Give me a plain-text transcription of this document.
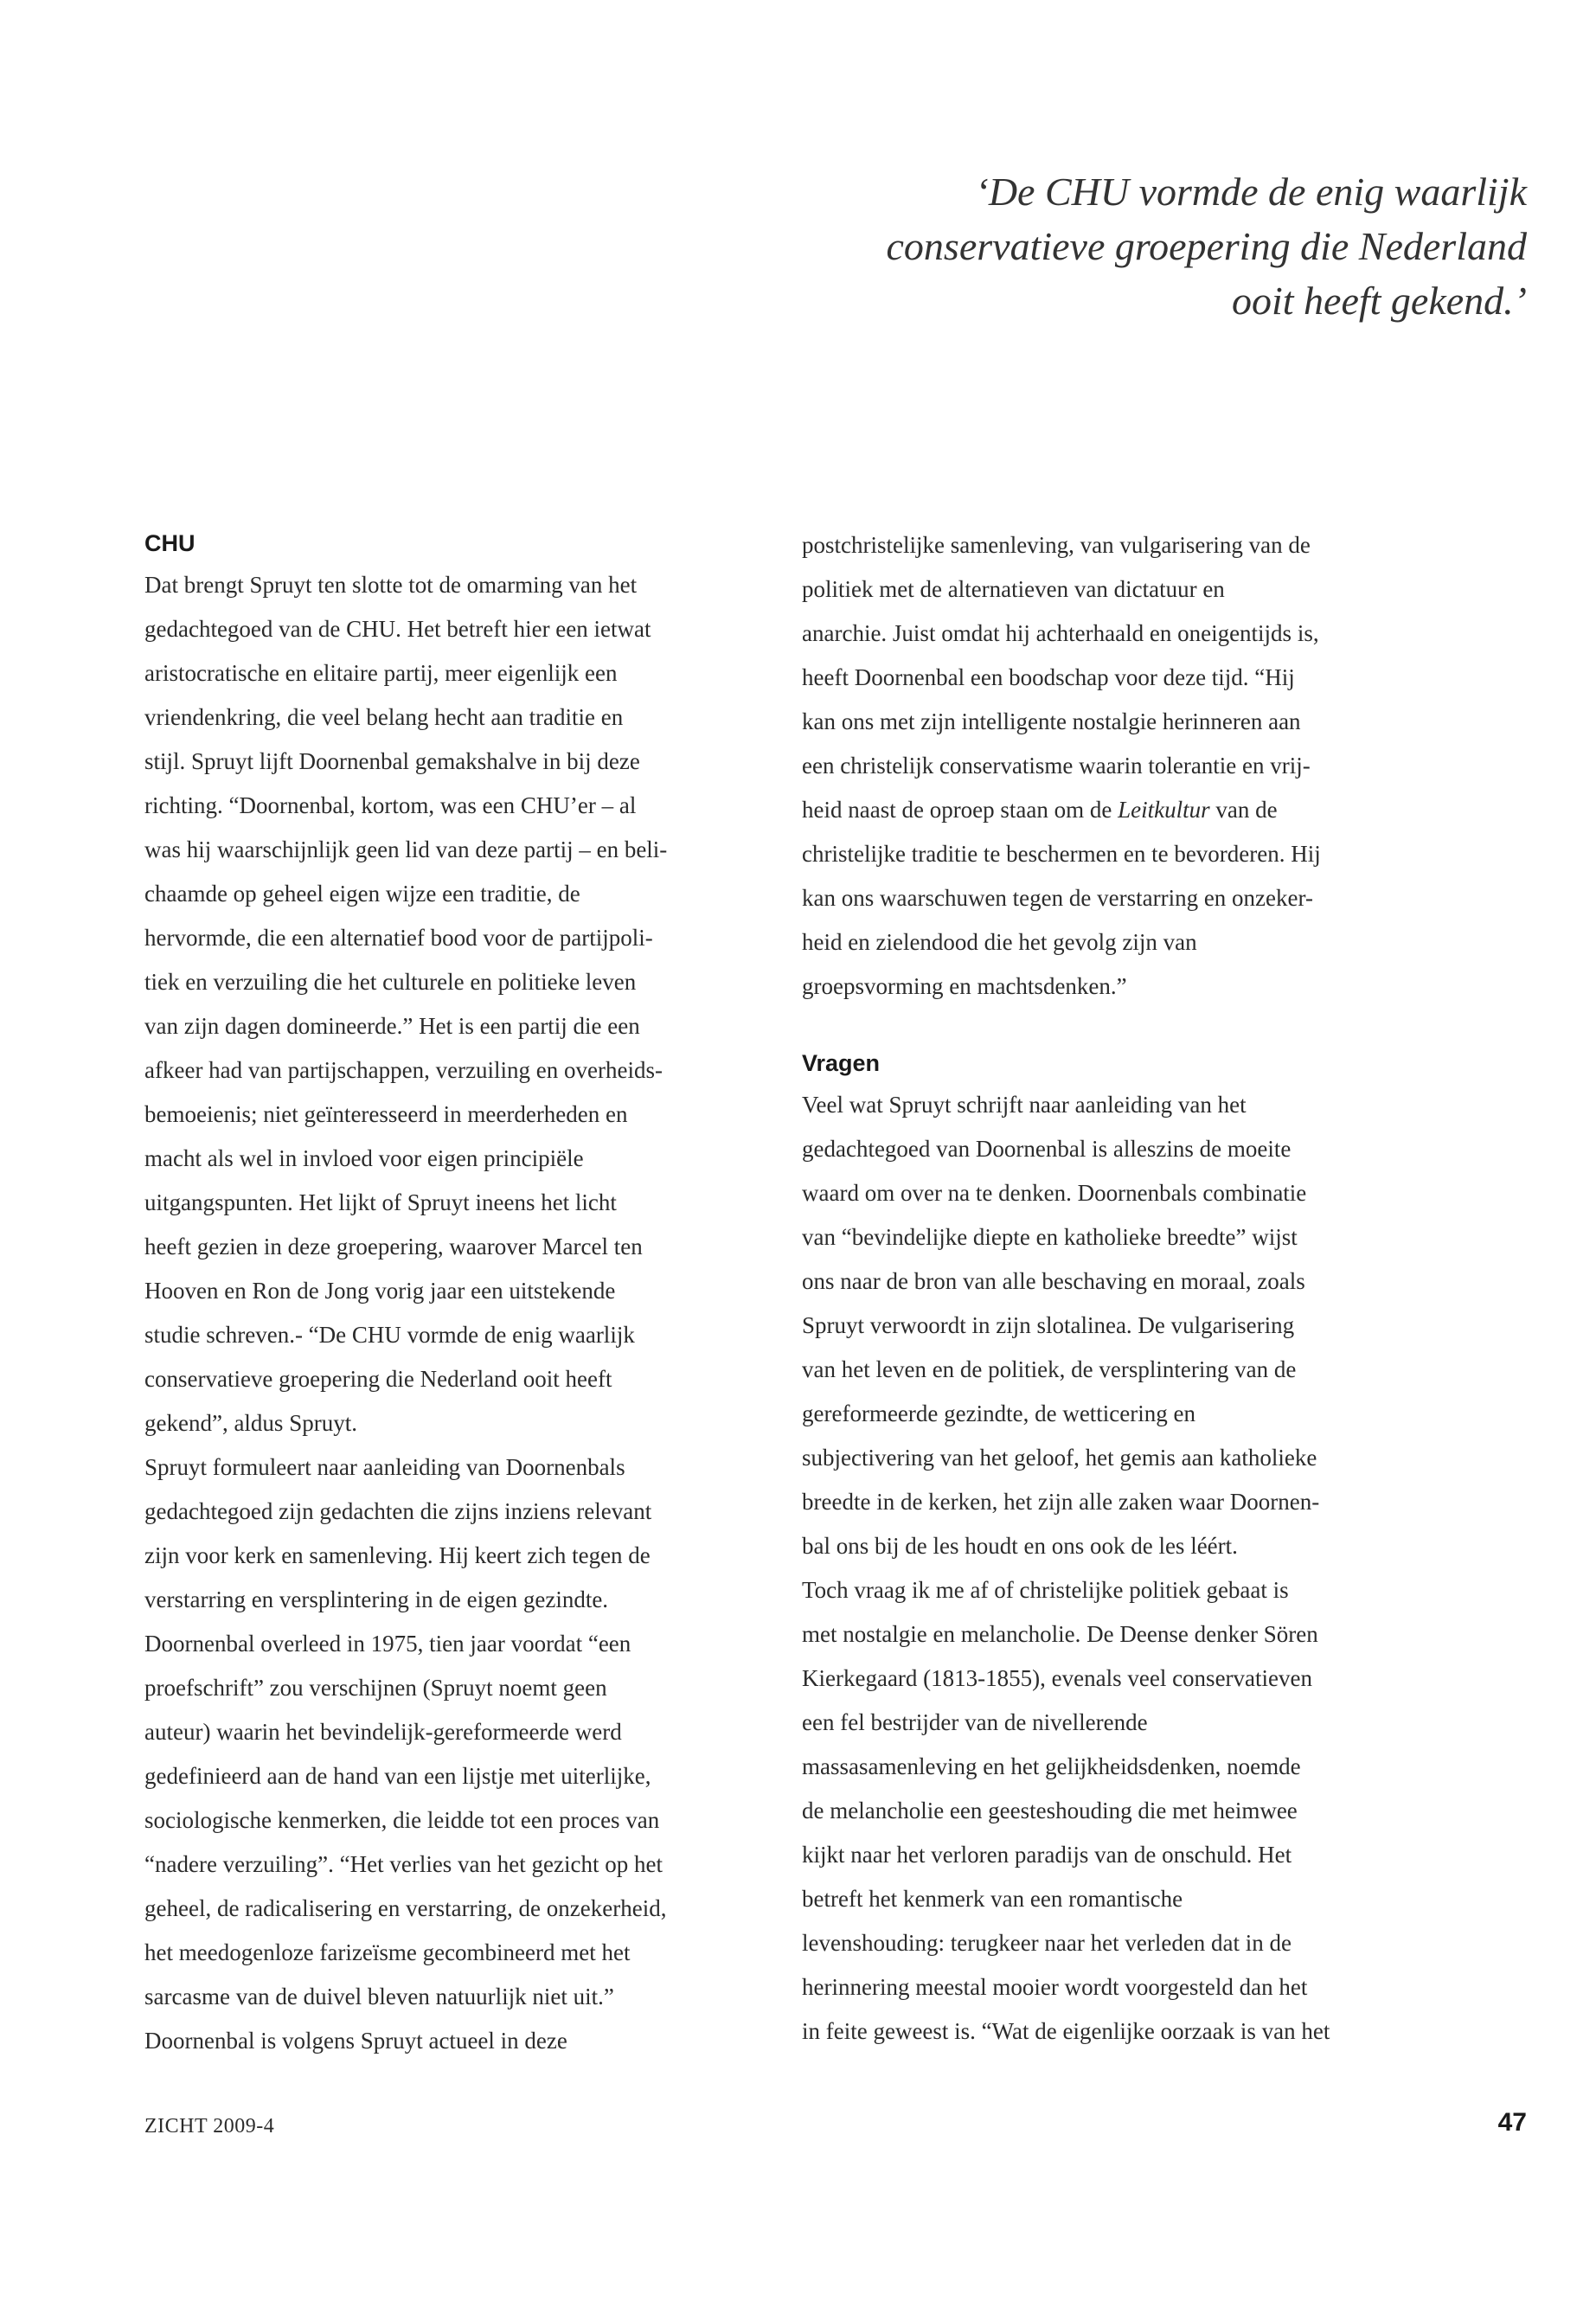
‘De CHU vormde de enig waarlijk
conservatieve groepering die Nederland
ooit heeft gekend.’
CHU
Dat brengt Spruyt ten slotte tot de omarming van het
gedachtegoed van de CHU. Het betreft hier een ietwat
aristocratische en elitaire partij, meer eigenlijk een
vriendenkring, die veel belang hecht aan traditie en
stijl. Spruyt lijft Doornenbal gemakshalve in bij deze
richting. “Doornenbal, kortom, was een CHU’er – al
was hij waarschijnlijk geen lid van deze partij – en beli-
chaamde op geheel eigen wijze een traditie, de
hervormde, die een alternatief bood voor de partijpoli-
tiek en verzuiling die het culturele en politieke leven
van zijn dagen domineerde.” Het is een partij die een
afkeer had van partijschappen, verzuiling en overheids-
bemoeienis; niet geïnteresseerd in meerderheden en
macht als wel in invloed voor eigen principiële
uitgangspunten. Het lijkt of Spruyt ineens het licht
heeft gezien in deze groepering, waarover Marcel ten
Hooven en Ron de Jong vorig jaar een uitstekende
studie schreven.- “De CHU vormde de enig waarlijk
conservatieve groepering die Nederland ooit heeft
gekend”, aldus Spruyt.
Spruyt formuleert naar aanleiding van Doornenbals
gedachtegoed zijn gedachten die zijns inziens relevant
zijn voor kerk en samenleving. Hij keert zich tegen de
verstarring en versplintering in de eigen gezindte.
Doornenbal overleed in 1975, tien jaar voordat “een
proefschrift” zou verschijnen (Spruyt noemt geen
auteur) waarin het bevindelijk-gereformeerde werd
gedefinieerd aan de hand van een lijstje met uiterlijke,
sociologische kenmerken, die leidde tot een proces van
“nadere verzuiling”. “Het verlies van het gezicht op het
geheel, de radicalisering en verstarring, de onzekerheid,
het meedogenloze farizeïsme gecombineerd met het
sarcasme van de duivel bleven natuurlijk niet uit.”
Doornenbal is volgens Spruyt actueel in deze
postchristelijke samenleving, van vulgarisering van de
politiek met de alternatieven van dictatuur en
anarchie. Juist omdat hij achterhaald en oneigentijds is,
heeft Doornenbal een boodschap voor deze tijd. “Hij
kan ons met zijn intelligente nostalgie herinneren aan
een christelijk conservatisme waarin tolerantie en vrij-
heid naast de oproep staan om de Leitkultur van de
christelijke traditie te beschermen en te bevorderen. Hij
kan ons waarschuwen tegen de verstarring en onzeker-
heid en zielendood die het gevolg zijn van
groepsvorming en machtsdenken.”
Vragen
Veel wat Spruyt schrijft naar aanleiding van het
gedachtegoed van Doornenbal is alleszins de moeite
waard om over na te denken. Doornenbals combinatie
van “bevindelijke diepte en katholieke breedte” wijst
ons naar de bron van alle beschaving en moraal, zoals
Spruyt verwoordt in zijn slotalinea. De vulgarisering
van het leven en de politiek, de versplintering van de
gereformeerde gezindte, de wetticering en
subjectivering van het geloof, het gemis aan katholieke
breedte in de kerken, het zijn alle zaken waar Doornen-
bal ons bij de les houdt en ons ook de les léért.
Toch vraag ik me af of christelijke politiek gebaat is
met nostalgie en melancholie. De Deense denker Sören
Kierkegaard (1813-1855), evenals veel conservatieven
een fel bestrijder van de nivellerende
massasamenleving en het gelijkheidsdenken, noemde
de melancholie een geesteshouding die met heimwee
kijkt naar het verloren paradijs van de onschuld. Het
betreft het kenmerk van een romantische
levenshouding: terugkeer naar het verleden dat in de
herinnering meestal mooier wordt voorgesteld dan het
in feite geweest is. “Wat de eigenlijke oorzaak is van het
ZICHT 2009-4	47
